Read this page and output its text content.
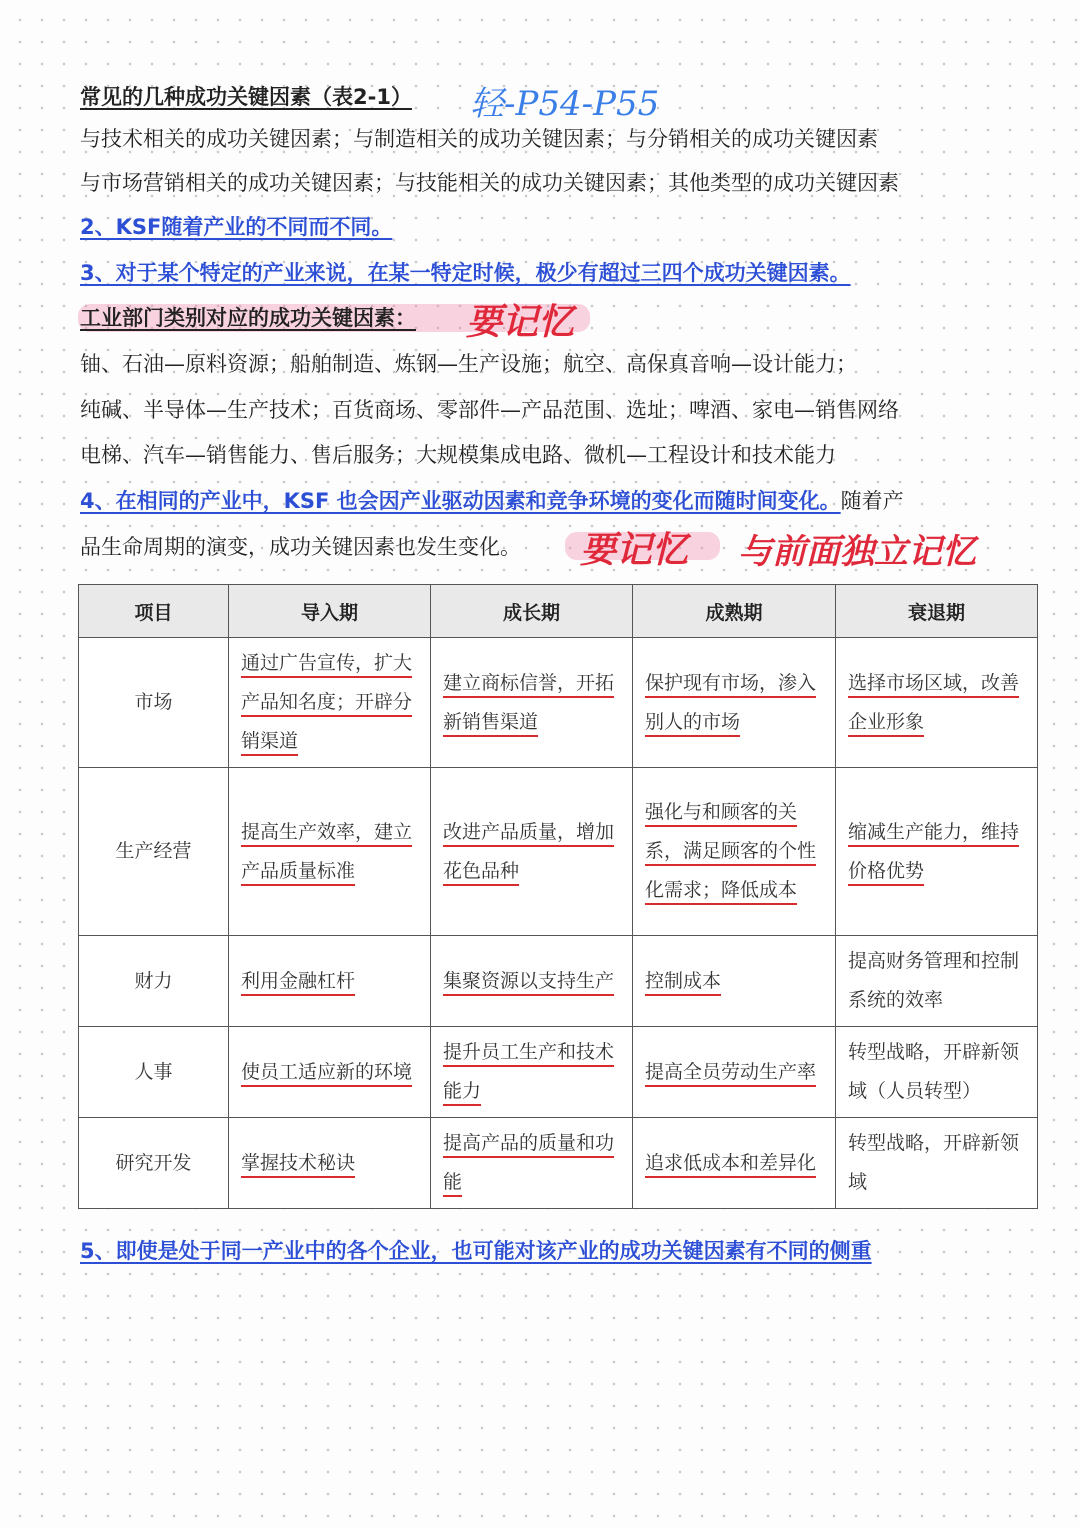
常见的几种成功关键因素（表2-1） 轻-P54-P55
与技术相关的成功关键因素；与制造相关的成功关键因素；与分销相关的成功关键因素
与市场营销相关的成功关键因素；与技能相关的成功关键因素；其他类型的成功关键因素
2、KSF随着产业的不同而不同。
3、对于某个特定的产业来说，在某一特定时候，极少有超过三四个成功关键因素。
工业部门类别对应的成功关键因素： 要记忆
铀、石油—原料资源；船舶制造、炼钢—生产设施；航空、高保真音响—设计能力；
纯碱、半导体—生产技术；百货商场、零部件—产品范围、选址；啤酒、家电—销售网络
电梯、汽车—销售能力、售后服务；大规模集成电路、微机—工程设计和技术能力
4、在相同的产业中，KSF 也会因产业驱动因素和竞争环境的变化而随时间变化。随着产
品生命周期的演变，成功关键因素也发生变化。 要记忆 与前面独立记忆
项目	导入期	成长期	成熟期	衰退期
市场	通过广告宣传，扩大产品知名度；开辟分销渠道	建立商标信誉，开拓新销售渠道	保护现有市场，渗入别人的市场	选择市场区域，改善企业形象
生产经营	提高生产效率，建立产品质量标准	改进产品质量，增加花色品种	强化与和顾客的关系，满足顾客的个性化需求；降低成本	缩减生产能力，维持价格优势
财力	利用金融杠杆	集聚资源以支持生产	控制成本	提高财务管理和控制系统的效率
人事	使员工适应新的环境	提升员工生产和技术能力	提高全员劳动生产率	转型战略，开辟新领域（人员转型）
研究开发	掌握技术秘诀	提高产品的质量和功能	追求低成本和差异化	转型战略，开辟新领域
5、即使是处于同一产业中的各个企业，也可能对该产业的成功关键因素有不同的侧重
